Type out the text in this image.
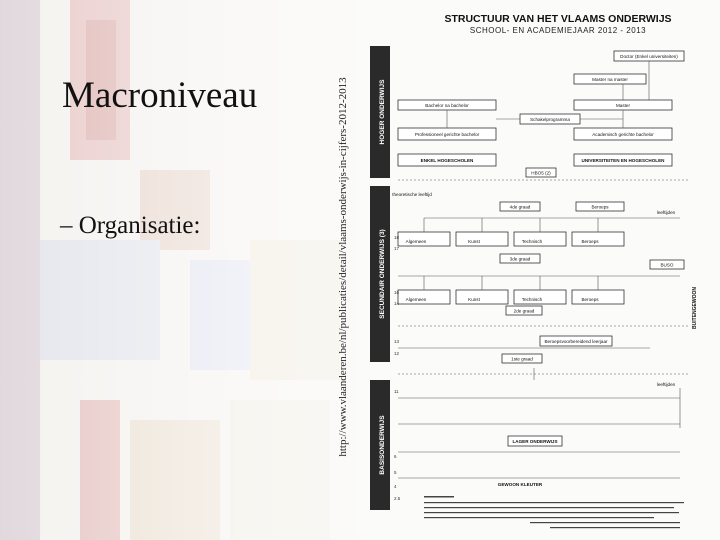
Macroniveau
– Organisatie:	http://www.vlaanderen.be/nl/publicaties/detail/vlaams-onderwijs-in-cijfers-2012-2013
STRUCTUUR VAN HET VLAAMS ONDERWIJS
SCHOOL- EN ACADEMIEJAAR 2012 - 2013
HOGER ONDERWIJS
SECUNDAIR ONDERWIJS (3)
BASISONDERWIJS
Doctor (Enkel universiteiten)
Master na master
Bachelor na bachelor	Master
Schakelprogramma
Professioneel gerichte bachelor	Academisch gerichte bachelor
ENKEL HOGESCHOLEN	UNIVERSITEITEN EN HOGESCHOLEN
HBO5 (2)
theoretische leeftijd
4de graad	Beroeps
leeftijden
Algemeen	Kunst	Technisch	Beroeps
3de graad
BUSO
Algemeen	Kunst	Technisch	Beroeps
2de graad
Beroepsvoorbereidend leerjaar
1ste graad
leeftijden
LAGER ONDERWIJS
GEWOON KLEUTER
BUITENGEWOON
18
17
16
14
13
12
11
6
5
4
2.5
